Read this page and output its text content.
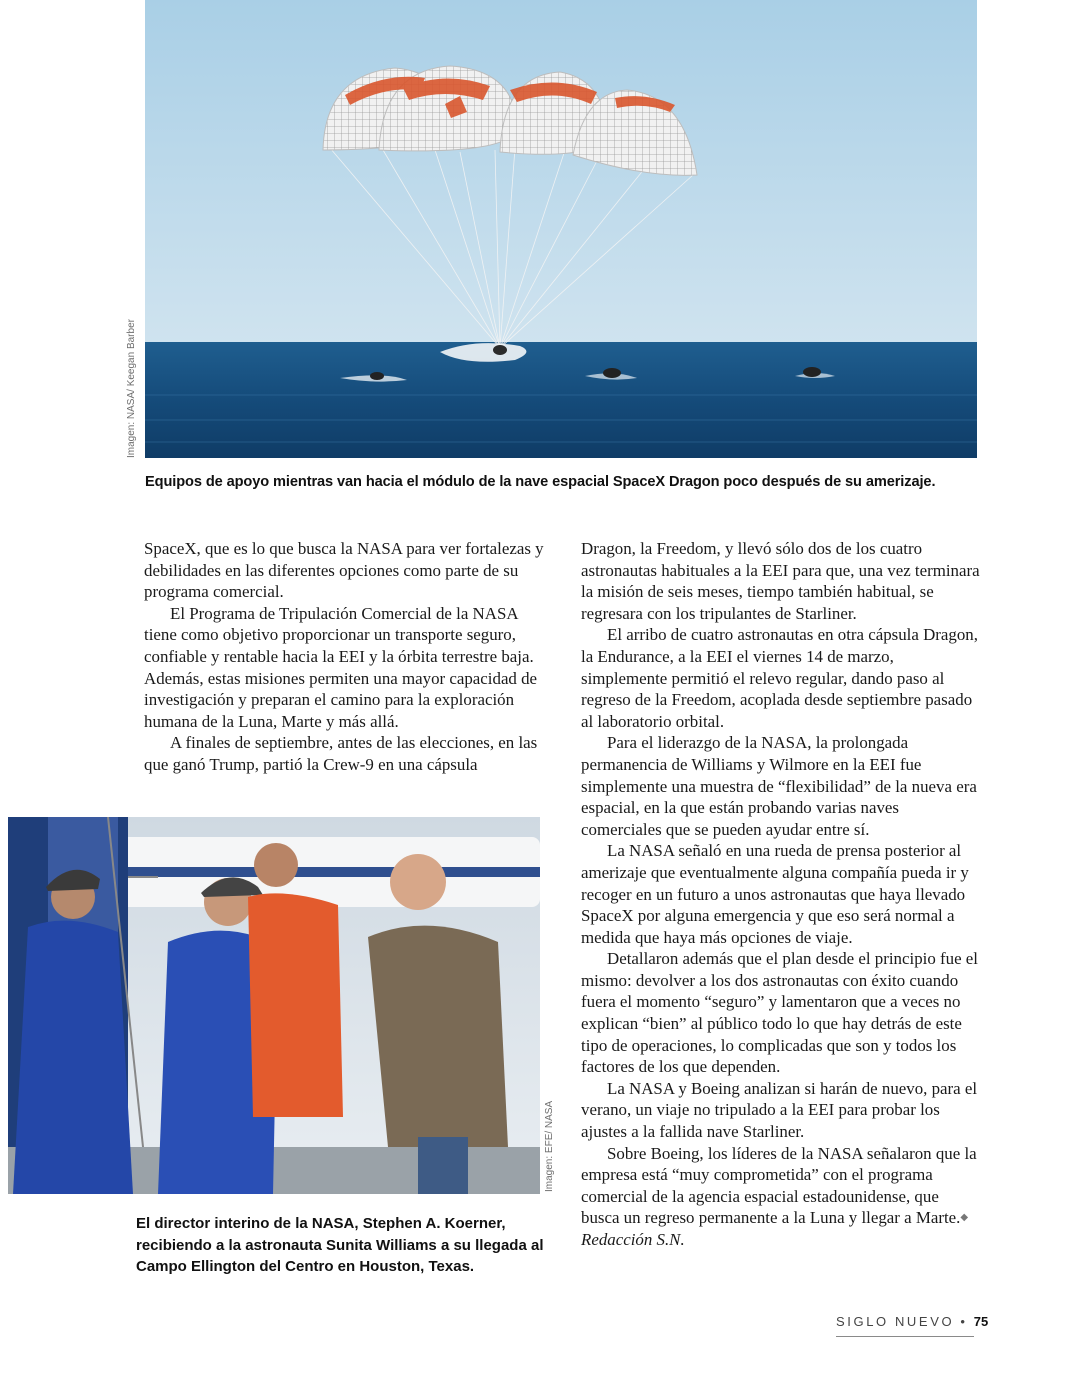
Imagen: NASA/ Keegan Barber
Equipos de apoyo mientras van hacia el módulo de la nave espacial SpaceX Dragon poco después de su amerizaje.

SpaceX, que es lo que busca la NASA para ver fortalezas y debilidades en las diferentes opciones como parte de su programa comercial.

El Programa de Tripulación Comercial de la NASA tiene como objetivo proporcionar un transporte seguro, confiable y rentable hacia la EEI y la órbita terrestre baja. Además, estas misiones permiten una mayor capacidad de investigación y preparan el camino para la exploración humana de la Luna, Marte y más allá.

A finales de septiembre, antes de las elecciones, en las que ganó Trump, partió la Crew-9 en una cápsula

Dragon, la Freedom, y llevó sólo dos de los cuatro astronautas habituales a la EEI para que, una vez terminara la misión de seis meses, tiempo también habitual, se regresara con los tripulantes de Starliner.

El arribo de cuatro astronautas en otra cápsula Dragon, la Endurance, a la EEI el viernes 14 de marzo, simplemente permitió el relevo regular, dando paso al regreso de la Freedom, acoplada desde septiembre pasado al laboratorio orbital.

Para el liderazgo de la NASA, la prolongada permanencia de Williams y Wilmore en la EEI fue simplemente una muestra de “flexibilidad” de la nueva era espacial, en la que están probando varias naves comerciales que se pueden ayudar entre sí.

La NASA señaló en una rueda de prensa posterior al amerizaje que eventualmente alguna compañía pueda ir y recoger en un futuro a unos astronautas que haya llevado SpaceX por alguna emergencia y que eso será normal a medida que haya más opciones de viaje.

Detallaron además que el plan desde el principio fue el mismo: devolver a los dos astronautas con éxito cuando fuera el momento “seguro” y lamentaron que a veces no explican “bien” al público todo lo que hay detrás de este tipo de operaciones, lo complicadas que son y todos los factores de los que dependen.

La NASA y Boeing analizan si harán de nuevo, para el verano, un viaje no tripulado a la EEI para probar los ajustes a la fallida nave Starliner.

Sobre Boeing, los líderes de la NASA señalaron que la empresa está “muy comprometida” con el programa comercial de la agencia espacial estadounidense, que busca un regreso permanente a la Luna y llegar a Marte.◆

Redacción S.N.

Imagen: EFE/ NASA
El director interino de la NASA, Stephen A. Koerner, recibiendo a la astronauta Sunita Williams a su llegada al Campo Ellington del Centro en Houston, Texas.
SIGLO NUEVO • 75
